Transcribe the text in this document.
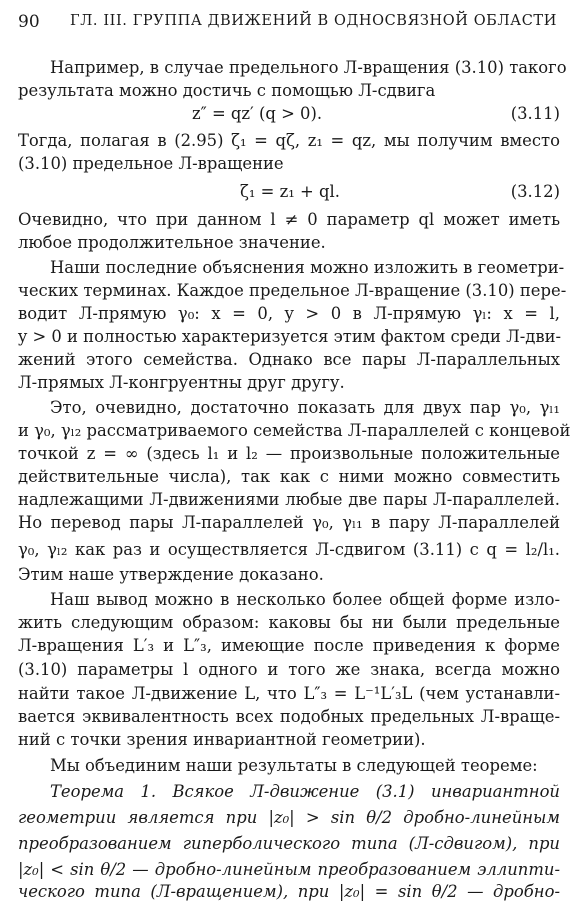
90 ГЛ. III. ГРУППА ДВИЖЕНИЙ В ОДНОСВЯЗНОЙ ОБЛАСТИ
Например, в случае предельного Л-вращения (3.10) такого
результата можно достичь с помощью Л-сдвига
z″ = qz′ (q > 0).	(3.11)
Тогда, полагая в (2.95) ζ₁ = qζ, z₁ = qz, мы получим вместо
(3.10) предельное Л-вращение
ζ₁ = z₁ + ql.	(3.12)
Очевидно, что при данном l ≠ 0 параметр ql может иметь
любое продолжительное значение.
Наши последние объяснения можно изложить в геометри-
ческих терминах. Каждое предельное Л-вращение (3.10) пере-
водит Л-прямую γ₀: x = 0, y > 0 в Л-прямую γₗ: x = l,
y > 0 и полностью характеризуется этим фактом среди Л-дви-
жений этого семейства. Однако все пары Л-параллельных
Л-прямых Л-конгруентны друг другу.
Это, очевидно, достаточно показать для двух пар γ₀, γₗ₁
и γ₀, γₗ₂ рассматриваемого семейства Л-параллелей с концевой
точкой z = ∞ (здесь l₁ и l₂ — произвольные положительные
действительные числа), так как с ними можно совместить
надлежащими Л-движениями любые две пары Л-параллелей.
Но перевод пары Л-параллелей γ₀, γₗ₁ в пару Л-параллелей
γ₀, γₗ₂ как раз и осуществляется Л-сдвигом (3.11) с q = l₂/l₁.
Этим наше утверждение доказано.
Наш вывод можно в несколько более общей форме изло-
жить следующим образом: каковы бы ни были предельные
Л-вращения L′₃ и L″₃, имеющие после приведения к форме
(3.10) параметры l одного и того же знака, всегда можно
найти такое Л-движение L, что L″₃ = L⁻¹L′₃L (чем устанавли-
вается эквивалентность всех подобных предельных Л-враще-
ний с точки зрения инвариантной геометрии).
Мы объединим наши результаты в следующей теореме:
Теорема 1. Всякое Л-движение (3.1) инвариантной
геометрии является при |z₀| > sin θ/2 дробно-линейным
преобразованием гиперболического типа (Л-сдвигом), при
|z₀| < sin θ/2 — дробно-линейным преобразованием эллипти-
ческого типа (Л-вращением), при |z₀| = sin θ/2 — дробно-
